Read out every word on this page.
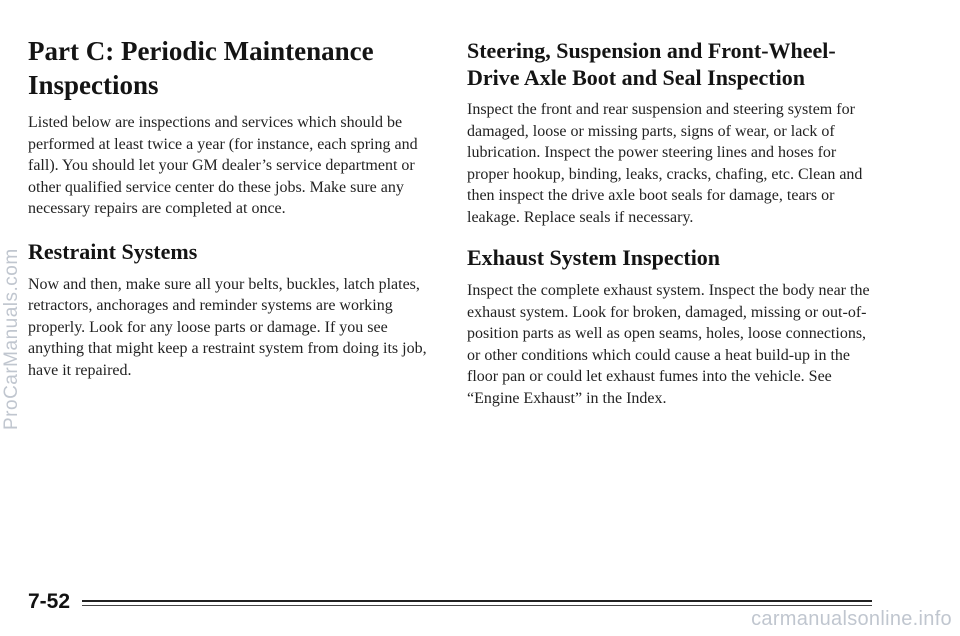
Part C: Periodic Maintenance Inspections

Listed below are inspections and services which should be performed at least twice a year (for instance, each spring and fall). You should let your GM dealer’s service department or other qualified service center do these jobs. Make sure any necessary repairs are completed at once.

Restraint Systems

Now and then, make sure all your belts, buckles, latch plates, retractors, anchorages and reminder systems are working properly. Look for any loose parts or damage. If you see anything that might keep a restraint system from doing its job, have it repaired.

Steering, Suspension and Front-Wheel-Drive Axle Boot and Seal Inspection

Inspect the front and rear suspension and steering system for damaged, loose or missing parts, signs of wear, or lack of lubrication. Inspect the power steering lines and hoses for proper hookup, binding, leaks, cracks, chafing, etc. Clean and then inspect the drive axle boot seals for damage, tears or leakage. Replace seals if necessary.

Exhaust System Inspection

Inspect the complete exhaust system. Inspect the body near the exhaust system. Look for broken, damaged, missing or out-of-position parts as well as open seams, holes, loose connections, or other conditions which could cause a heat build-up in the floor pan or could let exhaust fumes into the vehicle. See “Engine Exhaust” in the Index.

ProCarManuals.com
7-52
carmanualsonline.info
